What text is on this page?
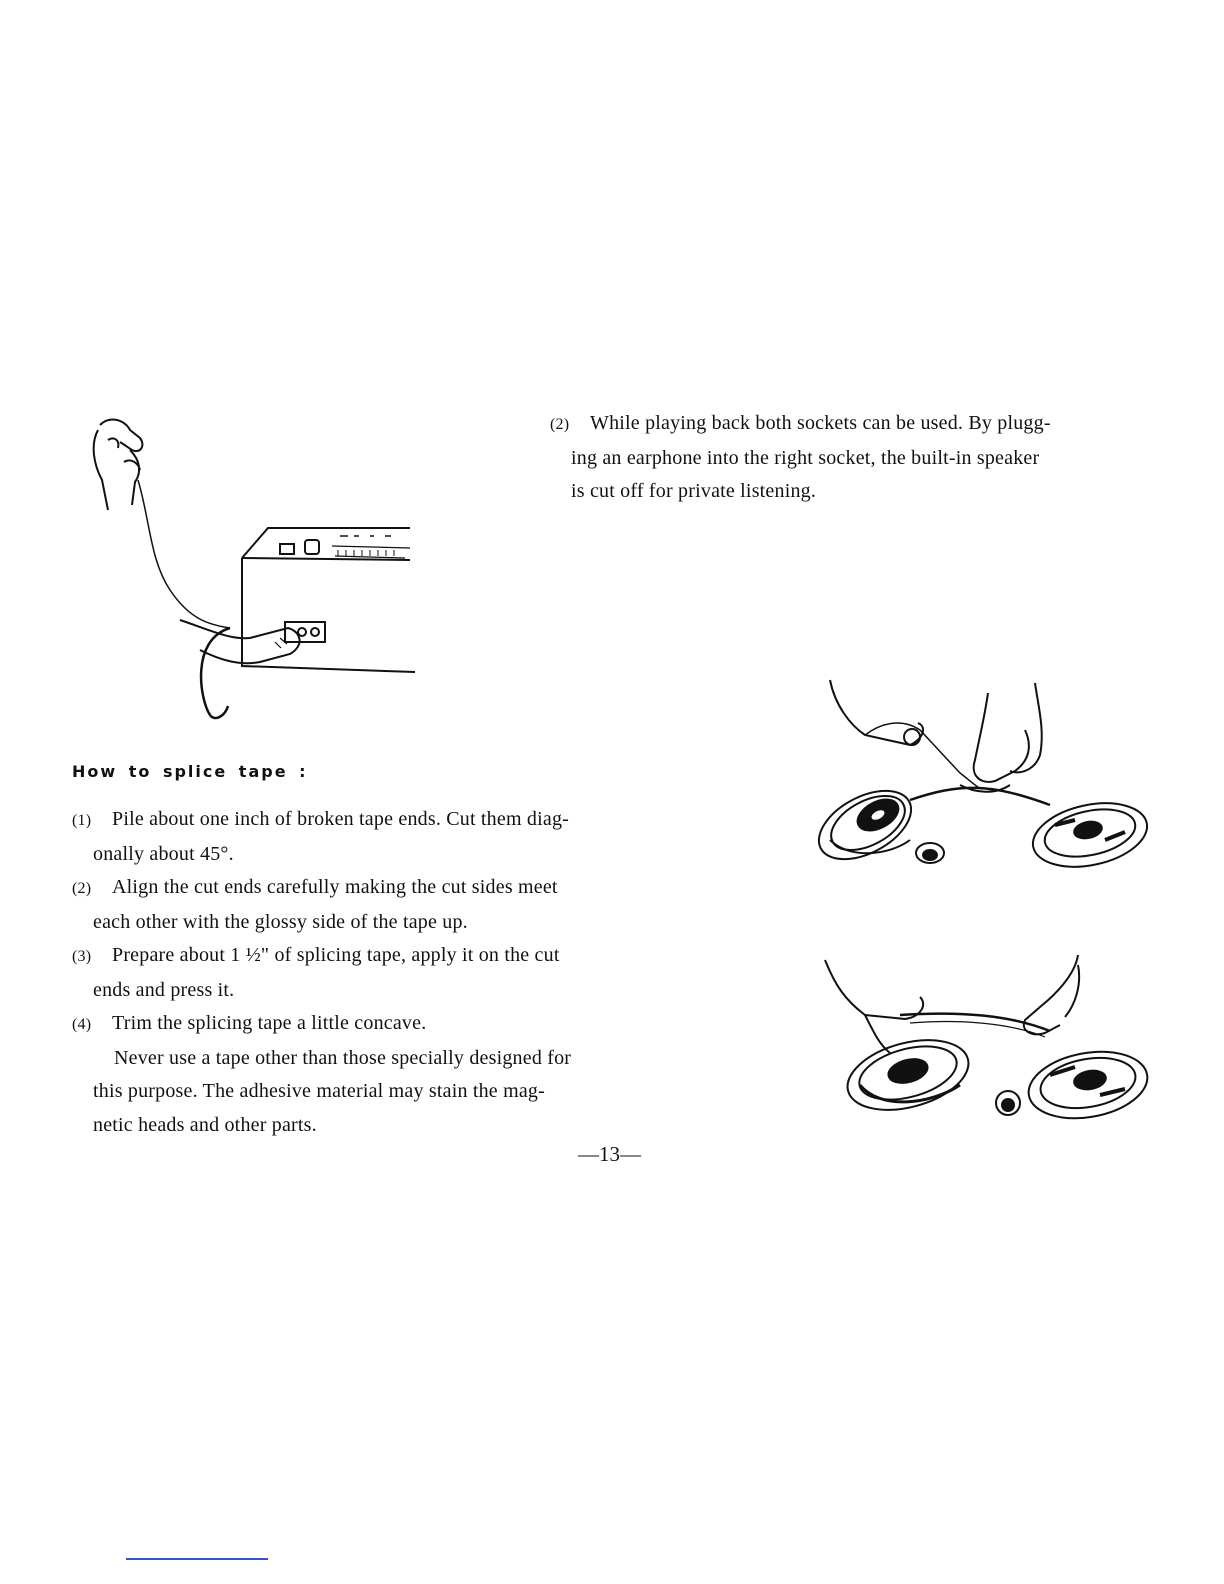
(2) While playing back both sockets can be used. By plugg-
ing an earphone into the right socket, the built-in speaker
is cut off for private listening.
How to splice tape :
(1) Pile about one inch of broken tape ends. Cut them diag-
onally about 45°.
(2) Align the cut ends carefully making the cut sides meet
each other with the glossy side of the tape up.
(3) Prepare about 1 ½" of splicing tape, apply it on the cut
ends and press it.
(4) Trim the splicing tape a little concave.
Never use a tape other than those specially designed for
this purpose. The adhesive material may stain the mag-
netic heads and other parts.
—13—
